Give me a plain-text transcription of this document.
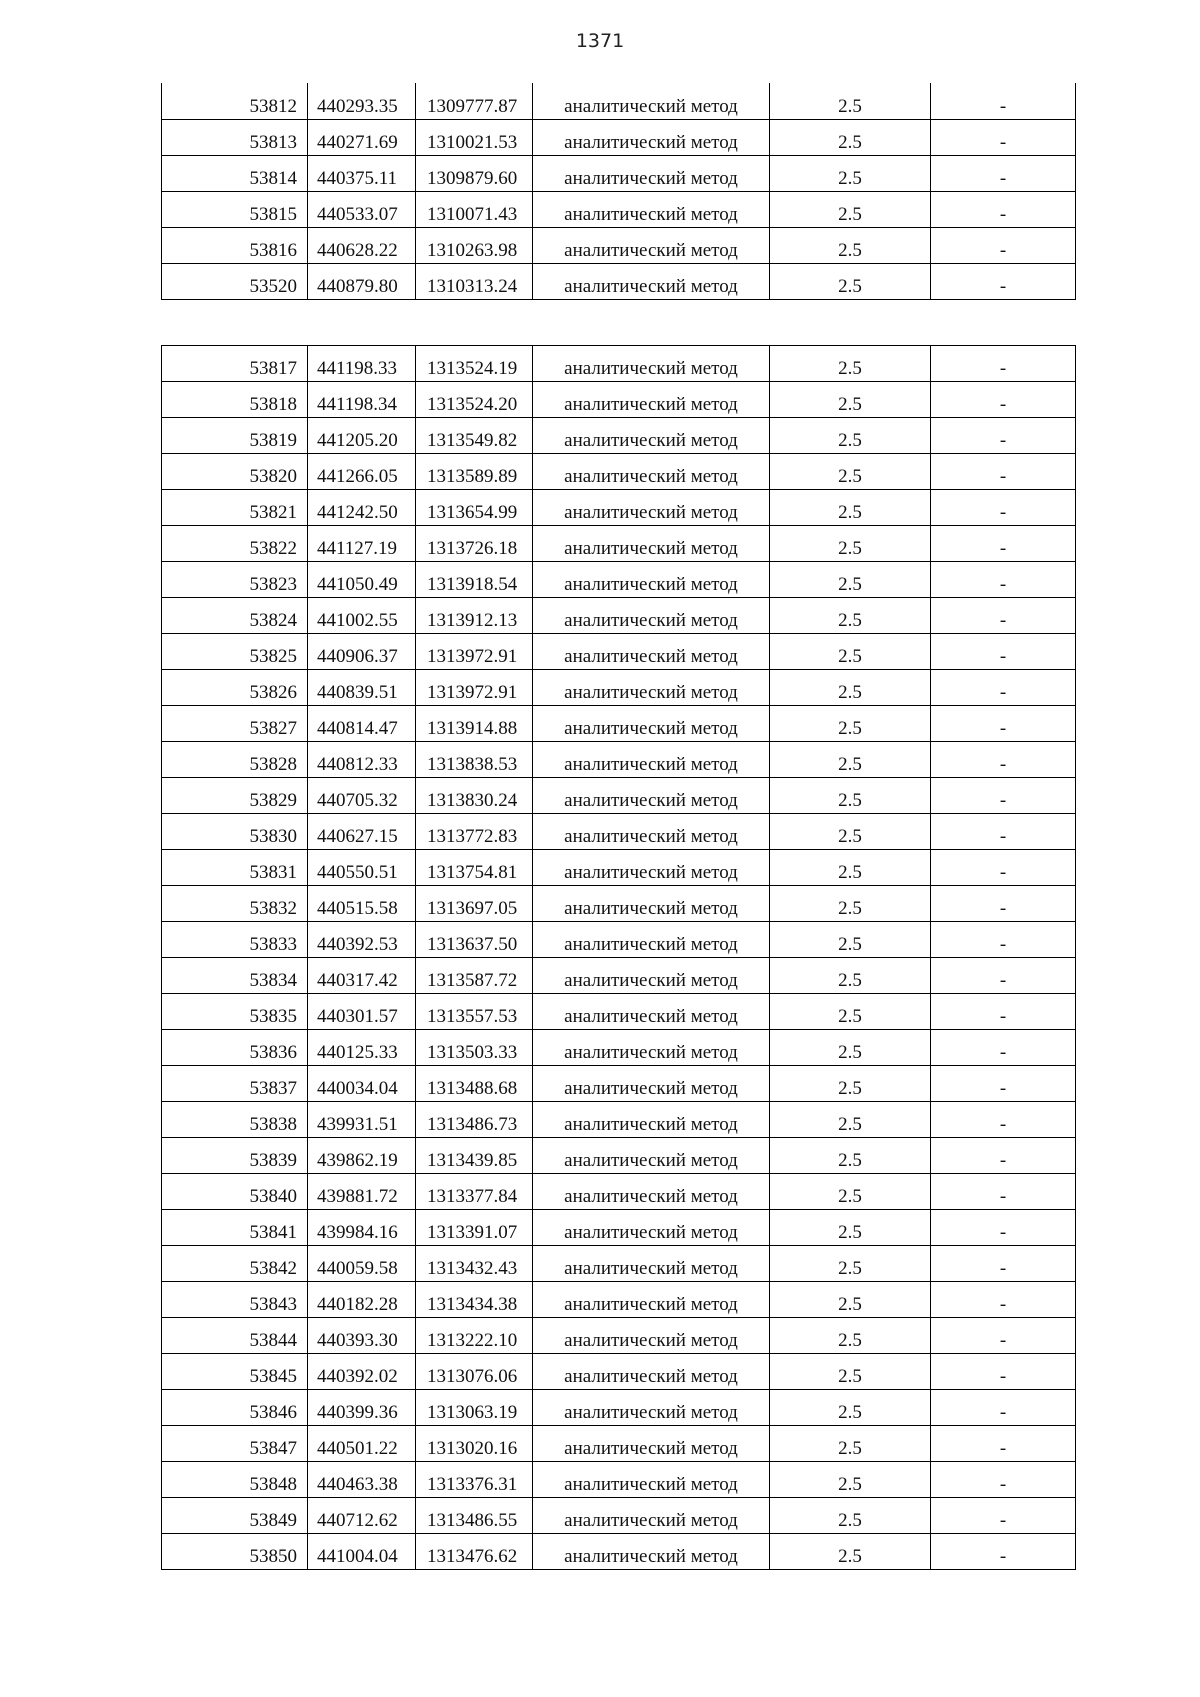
1371
53812	440293.35	1309777.87	аналитический метод	2.5	-
53813	440271.69	1310021.53	аналитический метод	2.5	-
53814	440375.11	1309879.60	аналитический метод	2.5	-
53815	440533.07	1310071.43	аналитический метод	2.5	-
53816	440628.22	1310263.98	аналитический метод	2.5	-
53520	440879.80	1310313.24	аналитический метод	2.5	-
53817	441198.33	1313524.19	аналитический метод	2.5	-
53818	441198.34	1313524.20	аналитический метод	2.5	-
53819	441205.20	1313549.82	аналитический метод	2.5	-
53820	441266.05	1313589.89	аналитический метод	2.5	-
53821	441242.50	1313654.99	аналитический метод	2.5	-
53822	441127.19	1313726.18	аналитический метод	2.5	-
53823	441050.49	1313918.54	аналитический метод	2.5	-
53824	441002.55	1313912.13	аналитический метод	2.5	-
53825	440906.37	1313972.91	аналитический метод	2.5	-
53826	440839.51	1313972.91	аналитический метод	2.5	-
53827	440814.47	1313914.88	аналитический метод	2.5	-
53828	440812.33	1313838.53	аналитический метод	2.5	-
53829	440705.32	1313830.24	аналитический метод	2.5	-
53830	440627.15	1313772.83	аналитический метод	2.5	-
53831	440550.51	1313754.81	аналитический метод	2.5	-
53832	440515.58	1313697.05	аналитический метод	2.5	-
53833	440392.53	1313637.50	аналитический метод	2.5	-
53834	440317.42	1313587.72	аналитический метод	2.5	-
53835	440301.57	1313557.53	аналитический метод	2.5	-
53836	440125.33	1313503.33	аналитический метод	2.5	-
53837	440034.04	1313488.68	аналитический метод	2.5	-
53838	439931.51	1313486.73	аналитический метод	2.5	-
53839	439862.19	1313439.85	аналитический метод	2.5	-
53840	439881.72	1313377.84	аналитический метод	2.5	-
53841	439984.16	1313391.07	аналитический метод	2.5	-
53842	440059.58	1313432.43	аналитический метод	2.5	-
53843	440182.28	1313434.38	аналитический метод	2.5	-
53844	440393.30	1313222.10	аналитический метод	2.5	-
53845	440392.02	1313076.06	аналитический метод	2.5	-
53846	440399.36	1313063.19	аналитический метод	2.5	-
53847	440501.22	1313020.16	аналитический метод	2.5	-
53848	440463.38	1313376.31	аналитический метод	2.5	-
53849	440712.62	1313486.55	аналитический метод	2.5	-
53850	441004.04	1313476.62	аналитический метод	2.5	-
